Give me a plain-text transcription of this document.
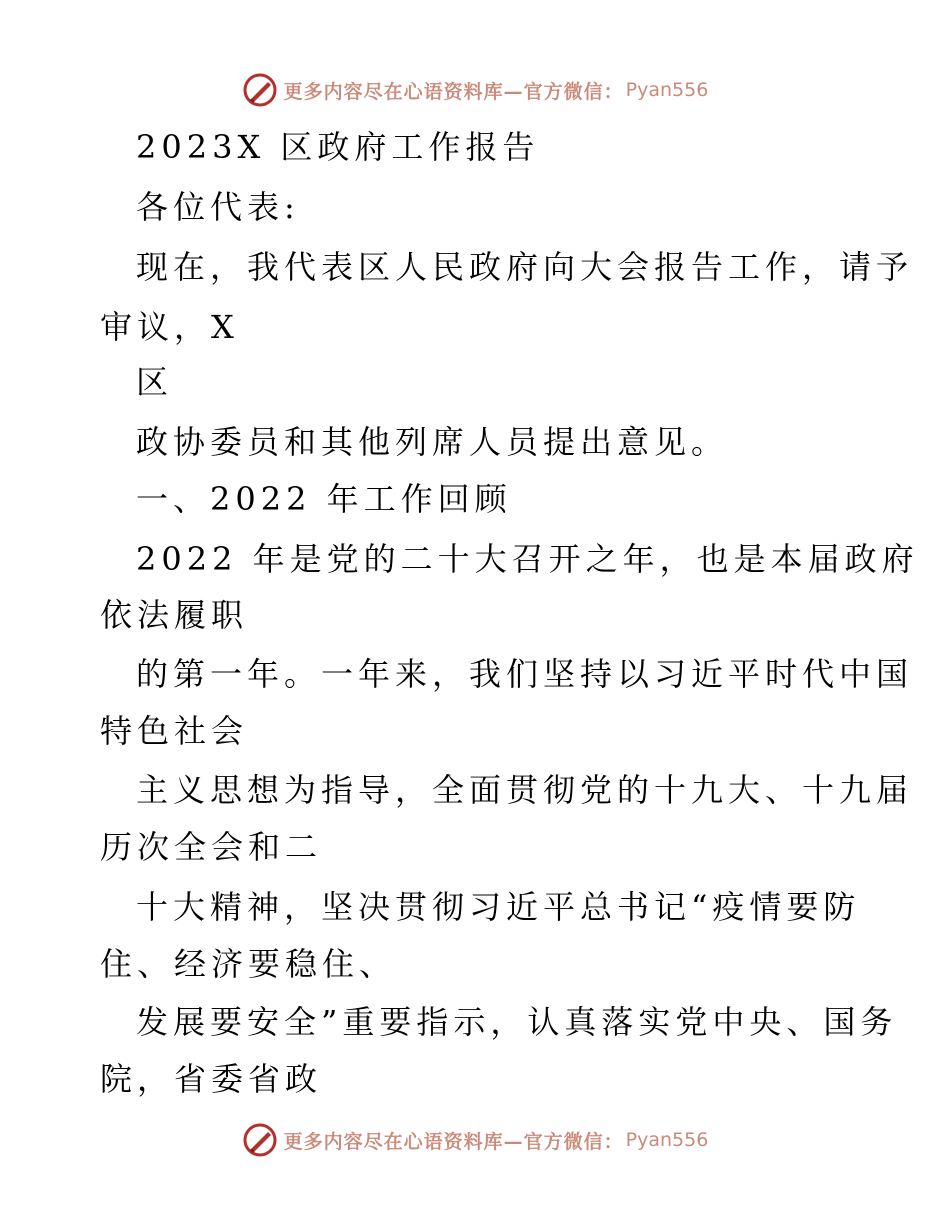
更多内容尽在心语资料库—官方微信： Pyan556
2023X 区政府工作报告
各位代表:
现在，我代表区人民政府向大会报告工作，请予
审议，X
区
政协委员和其他列席人员提出意见。
一、2022 年工作回顾
2022 年是党的二十大召开之年，也是本届政府
依法履职
的第一年。一年来，我们坚持以习近平时代中国
特色社会
主义思想为指导，全面贯彻党的十九大、十九届
历次全会和二
十大精神，坚决贯彻习近平总书记“疫情要防
住、经济要稳住、
发展要安全”重要指示，认真落实党中央、国务
院，省委省政
更多内容尽在心语资料库—官方微信： Pyan556
